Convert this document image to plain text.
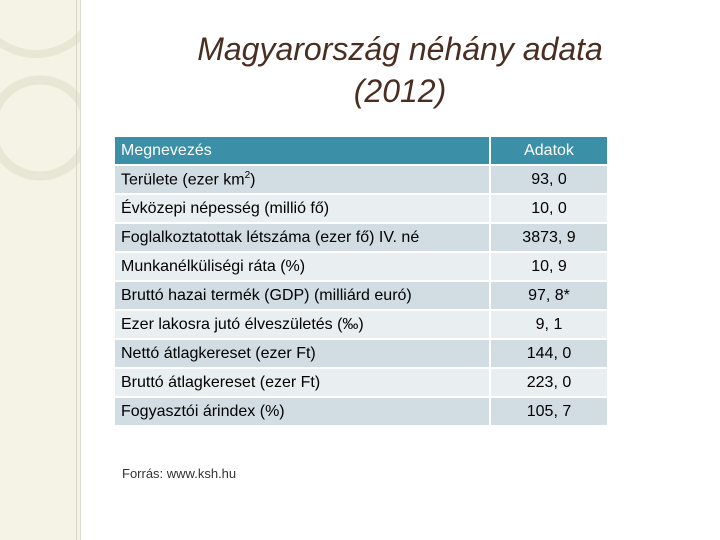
Magyarország néhány adata
(2012)
Megnevezés	Adatok
Területe (ezer $km^2$)	93, 0
Évközepi népesség (millió fő)	10, 0
Foglalkoztatottak létszáma (ezer fő) IV. né	3873, 9
Munkanélküliségi ráta (%)	10, 9
Bruttó hazai termék (GDP) (milliárd euró)	97, 8*
Ezer lakosra jutó élveszületés (‰)	9, 1
Nettó átlagkereset (ezer Ft)	144, 0
Bruttó átlagkereset (ezer Ft)	223, 0
Fogyasztói árindex (%)	105, 7
Forrás: www.ksh.hu
